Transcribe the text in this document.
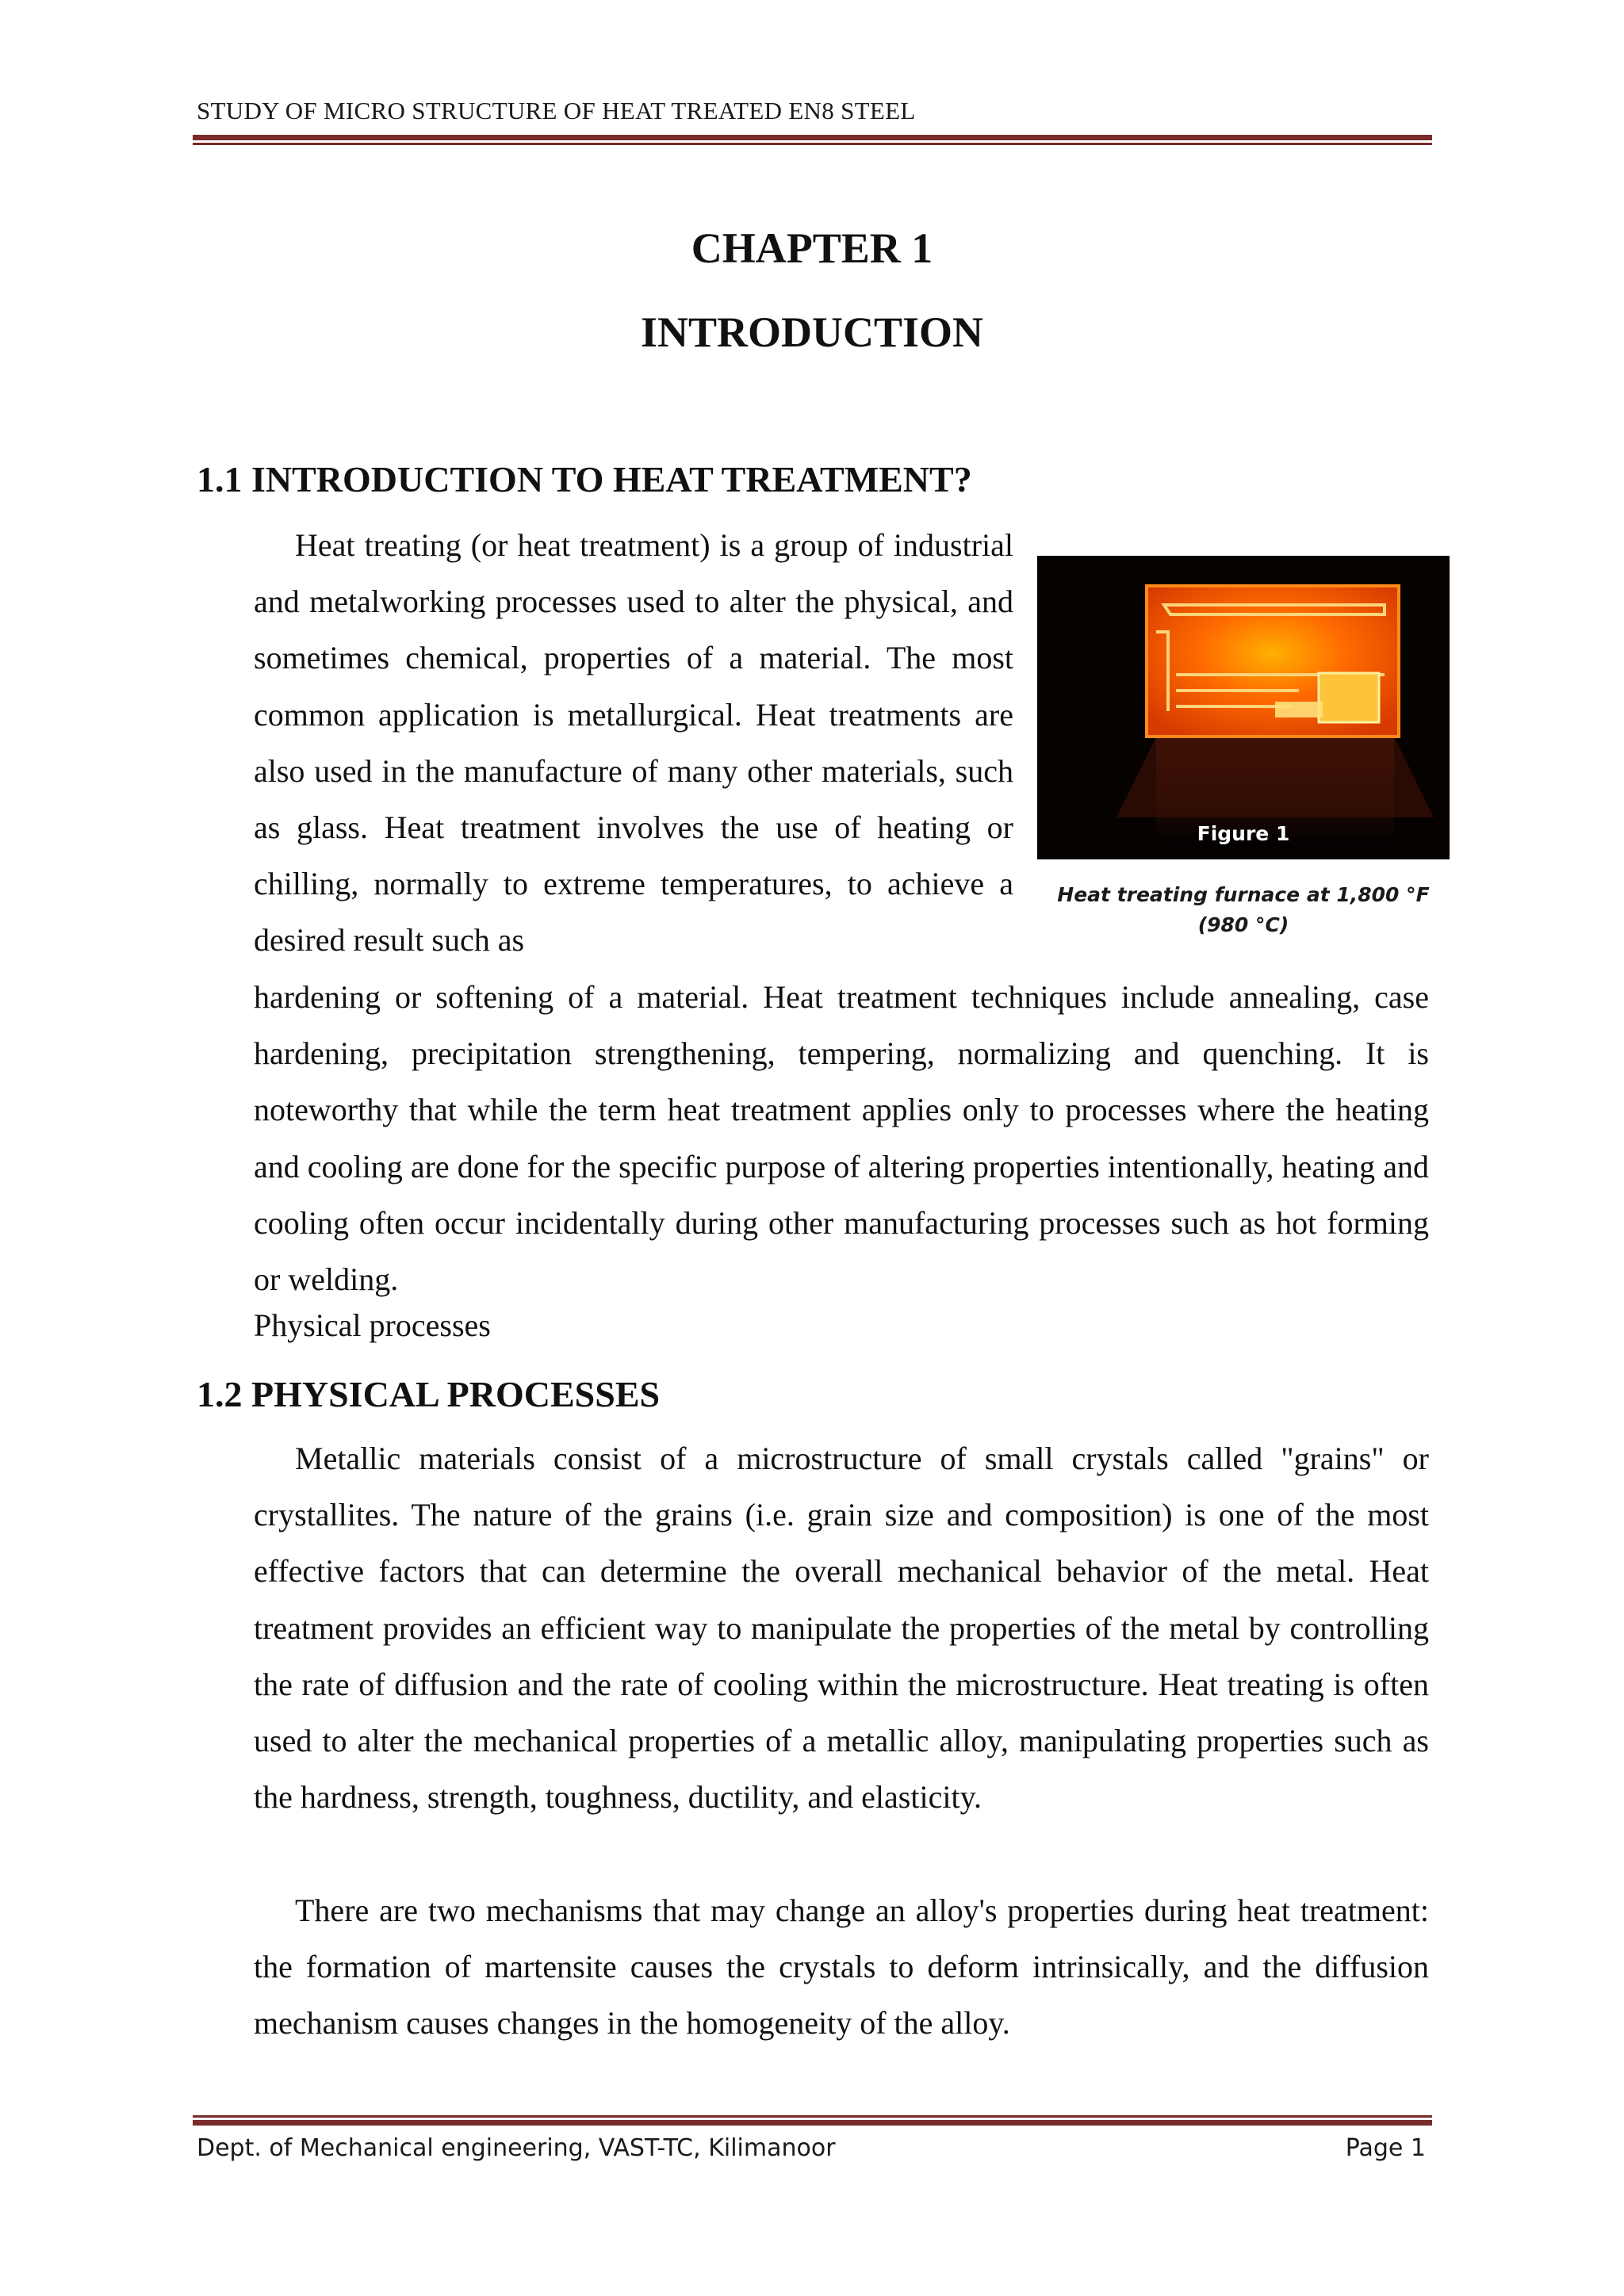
STUDY OF MICRO STRUCTURE OF HEAT TREATED EN8 STEEL
CHAPTER 1
INTRODUCTION
1.1 INTRODUCTION TO HEAT TREATMENT?
Heat treating (or heat treatment) is a group of industrial and metalworking processes used to alter the physical, and sometimes chemical, properties of a material. The most common application is metallurgical. Heat treatments are also used in the manufacture of many other materials, such as glass. Heat treatment involves the use of heating or chilling, normally to extreme temperatures, to achieve a desired result such as
Figure 1
Heat treating furnace at 1,800 °F
(980 °C)
hardening or softening of a material. Heat treatment techniques include annealing, case hardening, precipitation strengthening, tempering, normalizing and quenching. It is noteworthy that while the term heat treatment applies only to processes where the heating and cooling are done for the specific purpose of altering properties intentionally, heating and cooling often occur incidentally during other manufacturing processes such as hot forming or welding.
Physical processes
1.2 PHYSICAL PROCESSES
Metallic materials consist of a microstructure of small crystals called "grains" or crystallites. The nature of the grains (i.e. grain size and composition) is one of the most effective factors that can determine the overall mechanical behavior of the metal. Heat treatment provides an efficient way to manipulate the properties of the metal by controlling the rate of diffusion and the rate of cooling within the microstructure. Heat treating is often used to alter the mechanical properties of a metallic alloy, manipulating properties such as the hardness, strength, toughness, ductility, and elasticity.
There are two mechanisms that may change an alloy's properties during heat treatment: the formation of martensite causes the crystals to deform intrinsically, and the diffusion mechanism causes changes in the homogeneity of the alloy.
Dept. of Mechanical engineering, VAST-TC, Kilimanoor	Page 1
